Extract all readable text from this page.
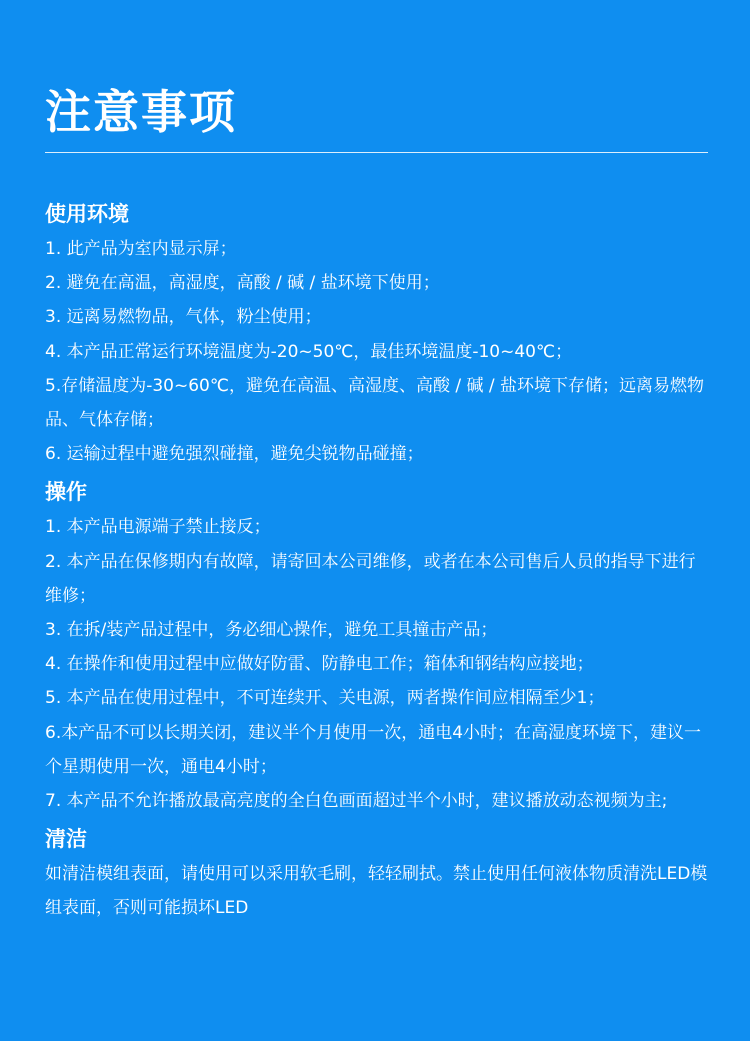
注意事项
使用环境

1. 此产品为室内显示屏；

2. 避免在高温，高湿度，高酸 / 碱 / 盐环境下使用；

3. 远离易燃物品，气体，粉尘使用；

4. 本产品正常运行环境温度为-20~50℃，最佳环境温度-10~40℃；

5.存储温度为-30~60℃，避免在高温、高湿度、高酸 / 碱 / 盐环境下存储；远离易燃物品、气体存储；

6. 运输过程中避免强烈碰撞，避免尖锐物品碰撞；

操作

1. 本产品电源端子禁止接反；

2. 本产品在保修期内有故障，请寄回本公司维修，或者在本公司售后人员的指导下进行维修；

3. 在拆/装产品过程中，务必细心操作，避免工具撞击产品；

4. 在操作和使用过程中应做好防雷、防静电工作；箱体和钢结构应接地；

5. 本产品在使用过程中，不可连续开、关电源，两者操作间应相隔至少1；

6.本产品不可以长期关闭，建议半个月使用一次，通电4小时；在高湿度环境下，建议一个星期使用一次，通电4小时；

7. 本产品不允许播放最高亮度的全白色画面超过半个小时，建议播放动态视频为主;

清洁

如清洁模组表面，请使用可以采用软毛刷，轻轻刷拭。禁止使用任何液体物质清洗LED模组表面，否则可能损坏LED
